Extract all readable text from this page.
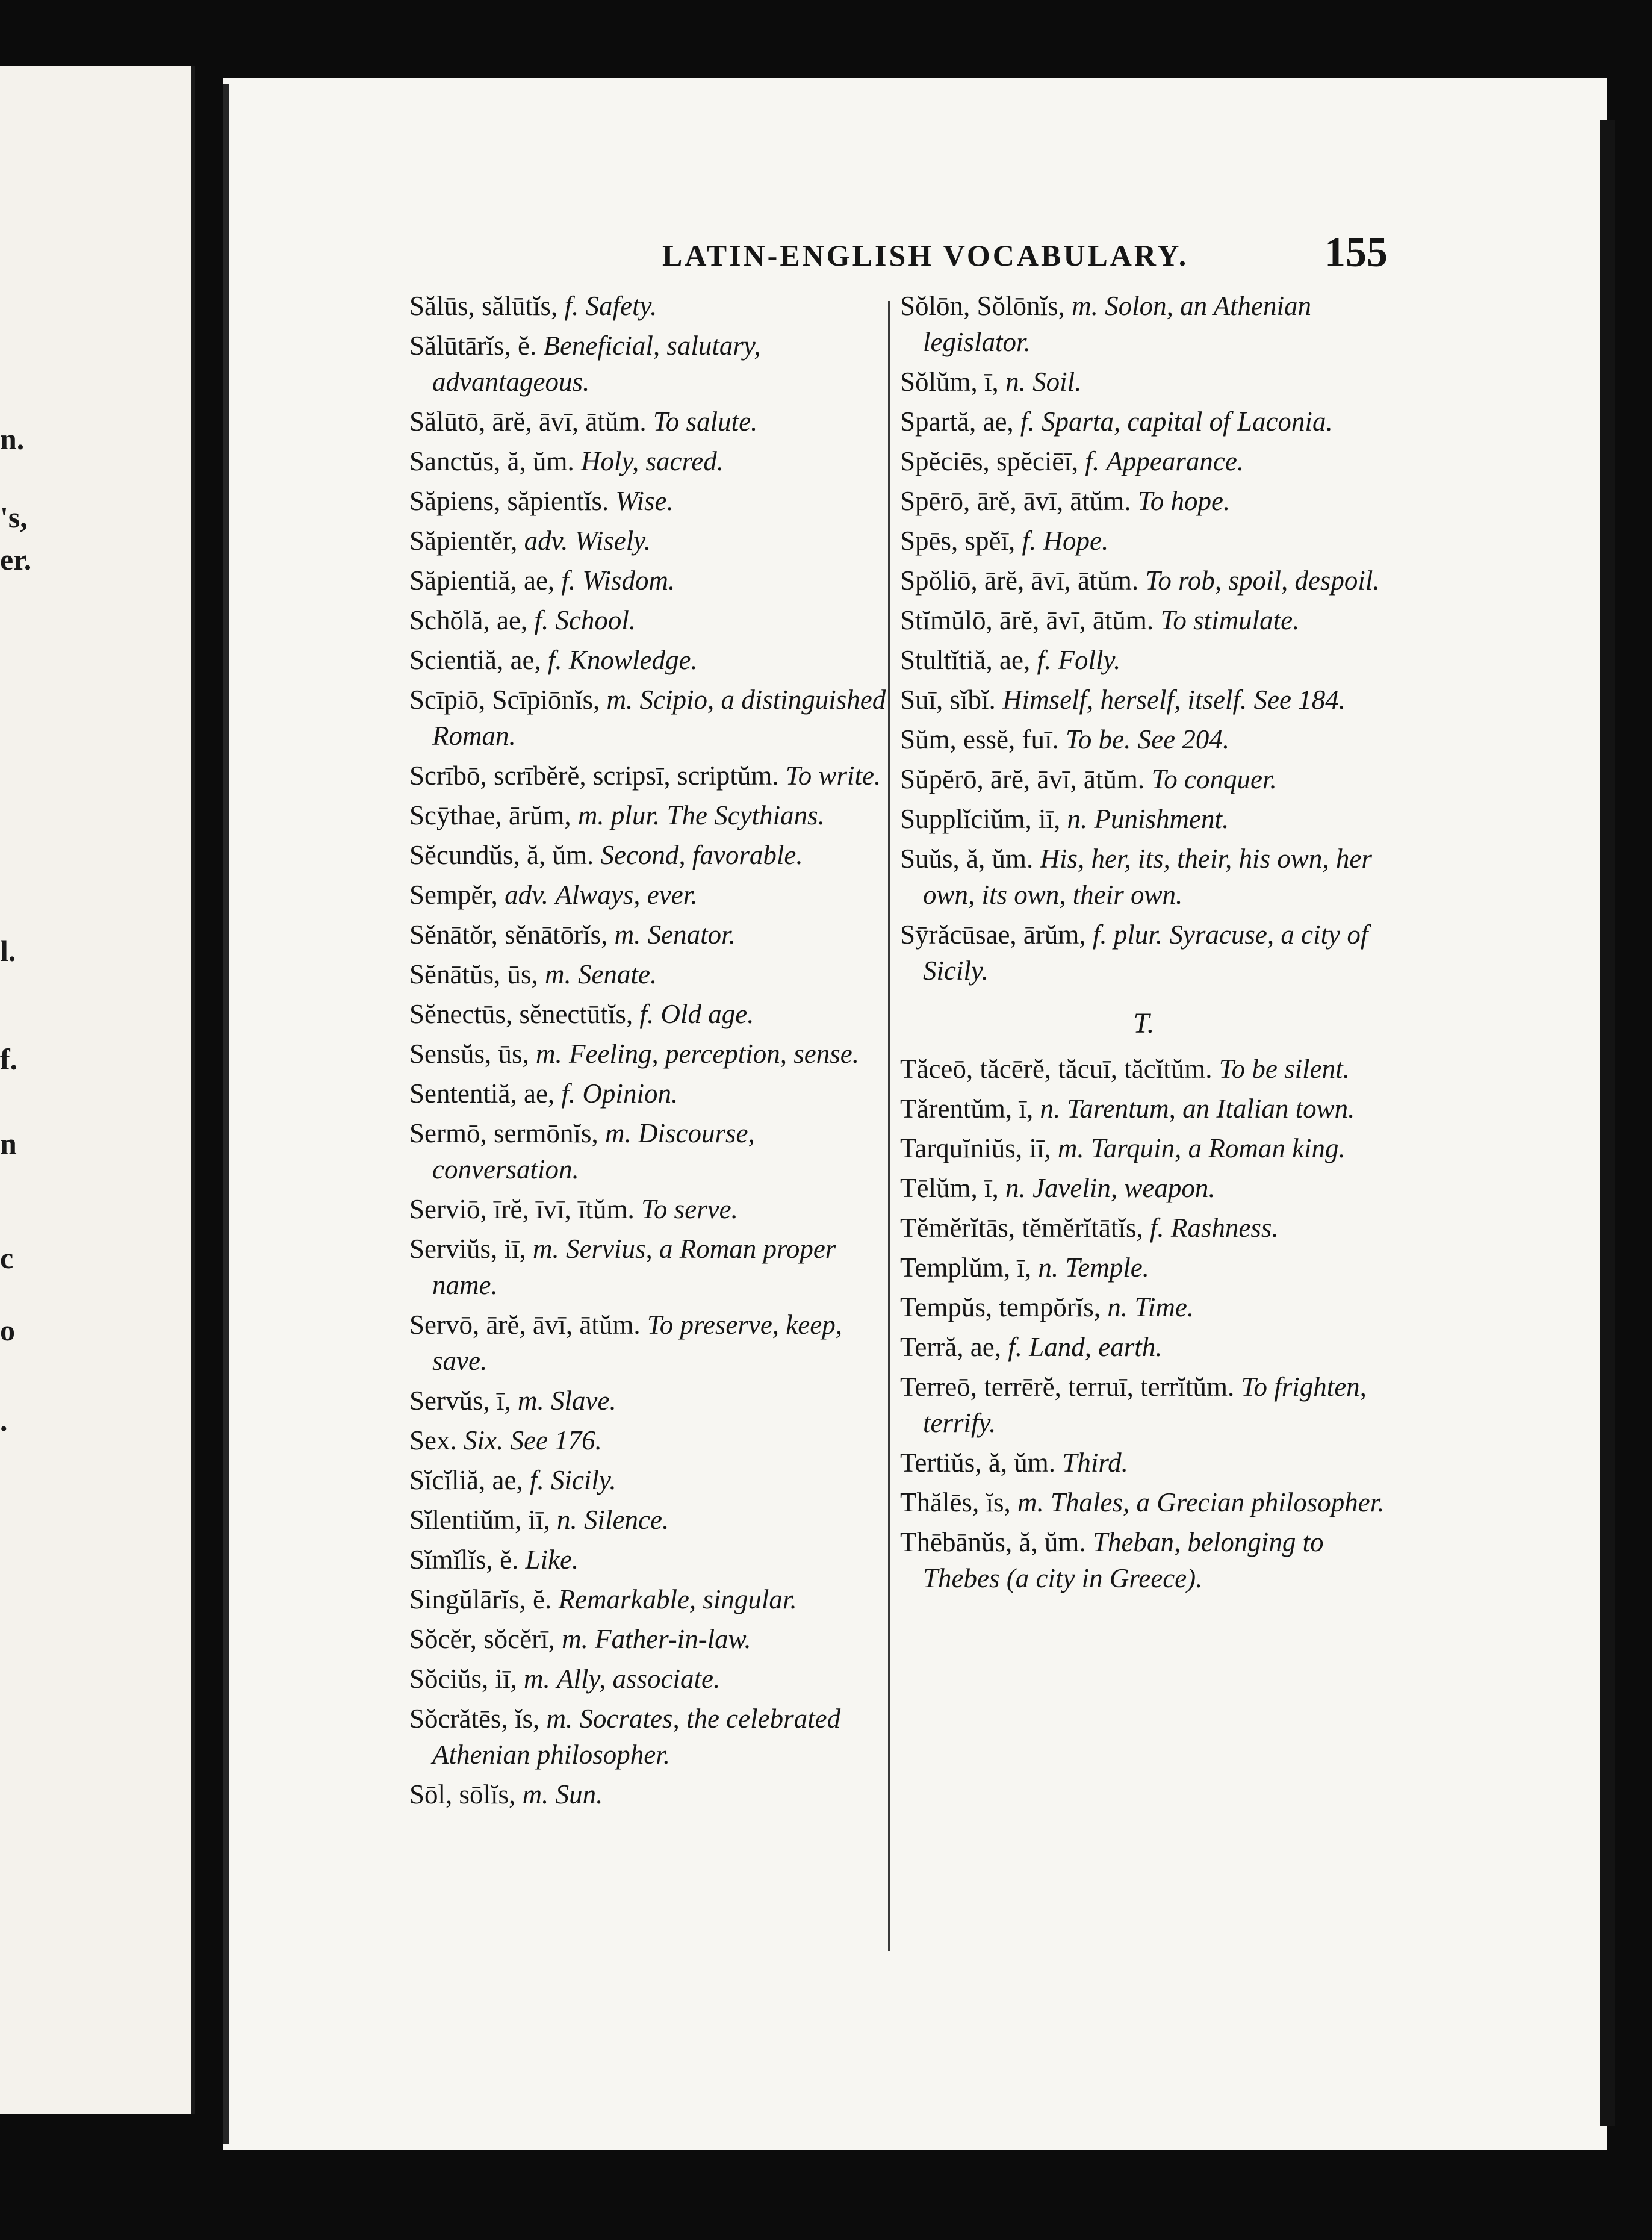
n.
's,
er.
l.
f.
n
c
o
.
LATIN-ENGLISH VOCABULARY.	155

Sălūs, sălūtĭs, f. Safety.

Sălūtārĭs, ĕ. Beneficial, salutary, advantageous.

Sălūtō, ārĕ, āvī, ātŭm. To salute.

Sanctŭs, ă, ŭm. Holy, sacred.

Săpiens, săpientĭs. Wise.

Săpientĕr, adv. Wisely.

Săpientiă, ae, f. Wisdom.

Schŏlă, ae, f. School.

Scientiă, ae, f. Knowledge.

Scīpiō, Scīpiōnĭs, m. Scipio, a distinguished Roman.

Scrībō, scrībĕrĕ, scripsī, scriptŭm. To write.

Scȳthae, ārŭm, m. plur. The Scythians.

Sĕcundŭs, ă, ŭm. Second, favorable.

Sempĕr, adv. Always, ever.

Sĕnātŏr, sĕnātōrĭs, m. Senator.

Sĕnātŭs, ūs, m. Senate.

Sĕnectūs, sĕnectūtĭs, f. Old age.

Sensŭs, ūs, m. Feeling, perception, sense.

Sententiă, ae, f. Opinion.

Sermō, sermōnĭs, m. Discourse, conversation.

Serviō, īrĕ, īvī, ītŭm. To serve.

Serviŭs, iī, m. Servius, a Roman proper name.

Servō, ārĕ, āvī, ātŭm. To preserve, keep, save.

Servŭs, ī, m. Slave.

Sex. Six. See 176.

Sĭcĭliă, ae, f. Sicily.

Sĭlentiŭm, iī, n. Silence.

Sĭmĭlĭs, ĕ. Like.

Singŭlārĭs, ĕ. Remarkable, singular.

Sŏcĕr, sŏcĕrī, m. Father-in-law.

Sŏciŭs, iī, m. Ally, associate.

Sŏcrătēs, ĭs, m. Socrates, the celebrated Athenian philosopher.

Sōl, sōlĭs, m. Sun.

Sŏlōn, Sŏlōnĭs, m. Solon, an Athenian legislator.

Sŏlŭm, ī, n. Soil.

Spartă, ae, f. Sparta, capital of Laconia.

Spĕciēs, spĕciēī, f. Appearance.

Spērō, ārĕ, āvī, ātŭm. To hope.

Spēs, spĕī, f. Hope.

Spŏliō, ārĕ, āvī, ātŭm. To rob, spoil, despoil.

Stĭmŭlō, ārĕ, āvī, ātŭm. To stimulate.

Stultĭtiă, ae, f. Folly.

Suī, sĭbĭ. Himself, herself, itself. See 184.

Sŭm, essĕ, fuī. To be. See 204.

Sŭpĕrō, ārĕ, āvī, ātŭm. To conquer.

Supplĭciŭm, iī, n. Punishment.

Suŭs, ă, ŭm. His, her, its, their, his own, her own, its own, their own.

Sȳrăcūsae, ārŭm, f. plur. Syracuse, a city of Sicily.

T.

Tăceō, tăcērĕ, tăcuī, tăcĭtŭm. To be silent.

Tărentŭm, ī, n. Tarentum, an Italian town.

Tarquĭniŭs, iī, m. Tarquin, a Roman king.

Tēlŭm, ī, n. Javelin, weapon.

Tĕmĕrĭtās, tĕmĕrĭtātĭs, f. Rashness.

Templŭm, ī, n. Temple.

Tempŭs, tempŏrĭs, n. Time.

Terră, ae, f. Land, earth.

Terreō, terrērĕ, terruī, terrĭtŭm. To frighten, terrify.

Tertiŭs, ă, ŭm. Third.

Thălēs, ĭs, m. Thales, a Grecian philosopher.

Thēbānŭs, ă, ŭm. Theban, belonging to Thebes (a city in Greece).
